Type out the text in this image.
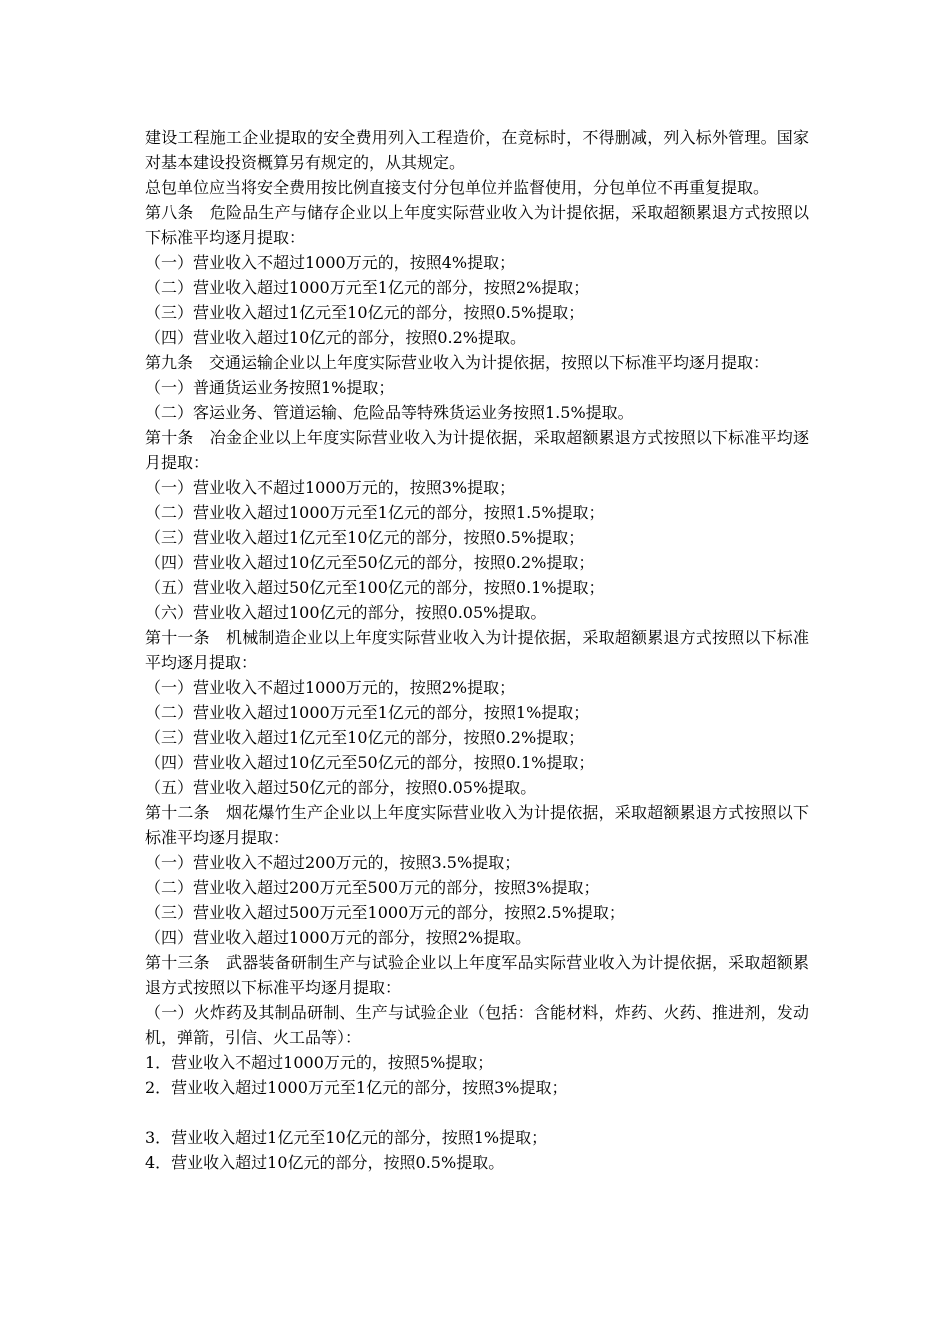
建设工程施工企业提取的安全费用列入工程造价，在竞标时，不得删减，列入标外管理。国家对基本建设投资概算另有规定的，从其规定。

总包单位应当将安全费用按比例直接支付分包单位并监督使用，分包单位不再重复提取。

第八条　危险品生产与储存企业以上年度实际营业收入为计提依据，采取超额累退方式按照以下标准平均逐月提取：

（一）营业收入不超过1000万元的，按照4%提取；

（二）营业收入超过1000万元至1亿元的部分，按照2%提取；

（三）营业收入超过1亿元至10亿元的部分，按照0.5%提取；

（四）营业收入超过10亿元的部分，按照0.2%提取。

第九条　交通运输企业以上年度实际营业收入为计提依据，按照以下标准平均逐月提取：

（一）普通货运业务按照1%提取；

（二）客运业务、管道运输、危险品等特殊货运业务按照1.5%提取。

第十条　冶金企业以上年度实际营业收入为计提依据，采取超额累退方式按照以下标准平均逐月提取：

（一）营业收入不超过1000万元的，按照3%提取；

（二）营业收入超过1000万元至1亿元的部分，按照1.5%提取；

（三）营业收入超过1亿元至10亿元的部分，按照0.5%提取；

（四）营业收入超过10亿元至50亿元的部分，按照0.2%提取；

（五）营业收入超过50亿元至100亿元的部分，按照0.1%提取；

（六）营业收入超过100亿元的部分，按照0.05%提取。

第十一条　机械制造企业以上年度实际营业收入为计提依据，采取超额累退方式按照以下标准平均逐月提取：

（一）营业收入不超过1000万元的，按照2%提取；

（二）营业收入超过1000万元至1亿元的部分，按照1%提取；

（三）营业收入超过1亿元至10亿元的部分，按照0.2%提取；

（四）营业收入超过10亿元至50亿元的部分，按照0.1%提取；

（五）营业收入超过50亿元的部分，按照0.05%提取。

第十二条　烟花爆竹生产企业以上年度实际营业收入为计提依据，采取超额累退方式按照以下标准平均逐月提取：

（一）营业收入不超过200万元的，按照3.5%提取；

（二）营业收入超过200万元至500万元的部分，按照3%提取；

（三）营业收入超过500万元至1000万元的部分，按照2.5%提取；

（四）营业收入超过1000万元的部分，按照2%提取。

第十三条　武器装备研制生产与试验企业以上年度军品实际营业收入为计提依据，采取超额累退方式按照以下标准平均逐月提取：

（一）火炸药及其制品研制、生产与试验企业（包括：含能材料，炸药、火药、推进剂，发动机，弹箭，引信、火工品等）：

1．营业收入不超过1000万元的，按照5%提取；

2．营业收入超过1000万元至1亿元的部分，按照3%提取；

3．营业收入超过1亿元至10亿元的部分，按照1%提取；

4．营业收入超过10亿元的部分，按照0.5%提取。
